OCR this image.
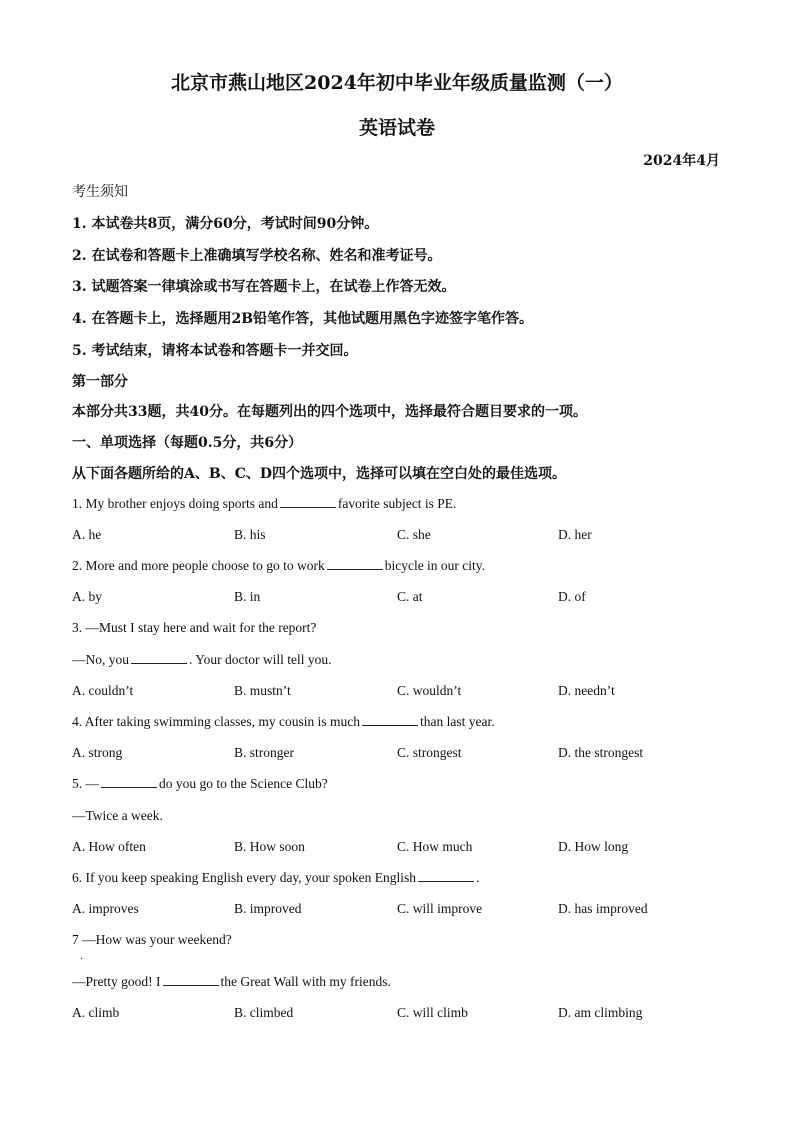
北京市燕山地区2024年初中毕业年级质量监测（一）
英语试卷
2024年4月
考生须知
1. 本试卷共8页，满分60分，考试时间90分钟。
2. 在试卷和答题卡上准确填写学校名称、姓名和准考证号。
3. 试题答案一律填涂或书写在答题卡上，在试卷上作答无效。
4. 在答题卡上，选择题用2B铅笔作答，其他试题用黑色字迹签字笔作答。
5. 考试结束，请将本试卷和答题卡一并交回。
第一部分
本部分共33题，共40分。在每题列出的四个选项中，选择最符合题目要求的一项。
一、单项选择（每题0.5分，共6分）
从下面各题所给的A、B、C、D四个选项中，选择可以填在空白处的最佳选项。
1. My brother enjoys doing sports and	favorite subject is PE.
A. he	B. his	C. she	D. her
2. More and more people choose to go to work	bicycle in our city.
A. by	B. in	C. at	D. of
3. —Must I stay here and wait for the report?
—No, you	. Your doctor will tell you.
A. couldn’t	B. mustn’t	C. wouldn’t	D. needn’t
4. After taking swimming classes, my cousin is much	than last year.
A. strong	B. stronger	C. strongest	D. the strongest
5. —	do you go to the Science Club?
—Twice a week.
A. How often	B. How soon	C. How much	D. How long
6. If you keep speaking English every day, your spoken English	.
A. improves	B. improved	C. will improve	D. has improved
7 —How was your weekend?
·
—Pretty good! I	the Great Wall with my friends.
A. climb	B. climbed	C. will climb	D. am climbing
